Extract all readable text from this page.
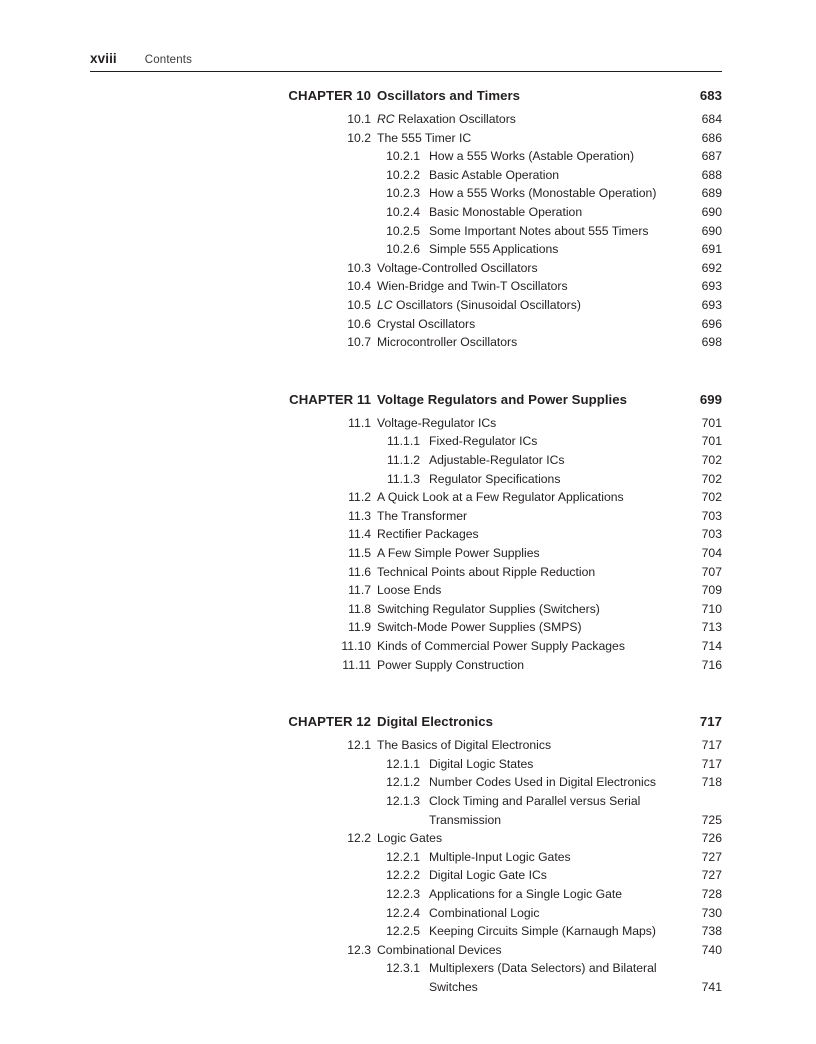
xviii Contents
CHAPTER 10 Oscillators and Timers	683
10.1 RC Relaxation Oscillators	684
10.2 The 555 Timer IC	686
10.2.1 How a 555 Works (Astable Operation)	687
10.2.2 Basic Astable Operation	688
10.2.3 How a 555 Works (Monostable Operation)	689
10.2.4 Basic Monostable Operation	690
10.2.5 Some Important Notes about 555 Timers	690
10.2.6 Simple 555 Applications	691
10.3 Voltage-Controlled Oscillators	692
10.4 Wien-Bridge and Twin-T Oscillators	693
10.5 LC Oscillators (Sinusoidal Oscillators)	693
10.6 Crystal Oscillators	696
10.7 Microcontroller Oscillators	698
CHAPTER 11 Voltage Regulators and Power Supplies	699
11.1 Voltage-Regulator ICs	701
11.1.1 Fixed-Regulator ICs	701
11.1.2 Adjustable-Regulator ICs	702
11.1.3 Regulator Specifications	702
11.2 A Quick Look at a Few Regulator Applications	702
11.3 The Transformer	703
11.4 Rectifier Packages	703
11.5 A Few Simple Power Supplies	704
11.6 Technical Points about Ripple Reduction	707
11.7 Loose Ends	709
11.8 Switching Regulator Supplies (Switchers)	710
11.9 Switch-Mode Power Supplies (SMPS)	713
11.10 Kinds of Commercial Power Supply Packages	714
11.11 Power Supply Construction	716
CHAPTER 12 Digital Electronics	717
12.1 The Basics of Digital Electronics	717
12.1.1 Digital Logic States	717
12.1.2 Number Codes Used in Digital Electronics	718
12.1.3 Clock Timing and Parallel versus Serial Transmission	725
12.2 Logic Gates	726
12.2.1 Multiple-Input Logic Gates	727
12.2.2 Digital Logic Gate ICs	727
12.2.3 Applications for a Single Logic Gate	728
12.2.4 Combinational Logic	730
12.2.5 Keeping Circuits Simple (Karnaugh Maps)	738
12.3 Combinational Devices	740
12.3.1 Multiplexers (Data Selectors) and Bilateral Switches	741
